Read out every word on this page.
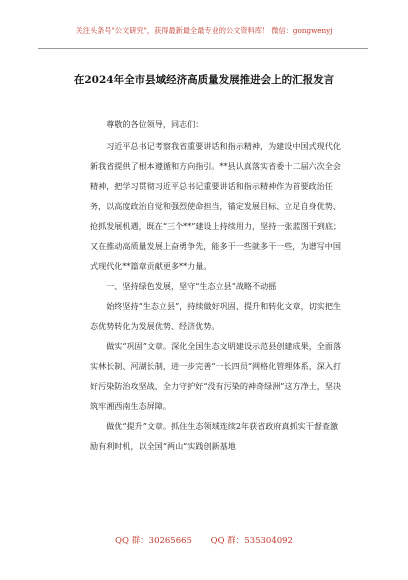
关注头条号"公文研究"，获得最新最全最专业的公文资料库！ 微信：gongwenyj
在2024年全市县域经济高质量发展推进会上的汇报发言

尊敬的各位领导，同志们：

习近平总书记考察我省重要讲话和指示精神，为建设中国式现代化新我省提供了根本遵循和方向指引。**县认真落实省委十二届六次全会精神，把学习贯彻习近平总书记重要讲话和指示精神作为首要政治任务，以高度政治自觉和强烈使命担当，锚定发展目标、立足自身优势、抢抓发展机遇，既在“三个**”建设上持续用力，坚持一张蓝图干到底；又在推动高质量发展上奋勇争先，能多干一些就多干一些，为谱写中国式现代化**篇章贡献更多**力量。

一、坚持绿色发展，坚守“生态立县”战略不动摇

始终坚持“生态立县”，持续做好巩固、提升和转化文章，切实把生态优势转化为发展优势、经济优势。

做实“巩固”文章。深化全国生态文明建设示范县创建成果，全面落实林长制、河湖长制，进一步完善“一长四员”网格化管理体系，深入打好污染防治攻坚战，全力守护好“没有污染的神奇绿洲”这方净土，坚决筑牢湘西南生态屏障。

做优“提升”文章。抓住生态领域连续2年获省政府真抓实干督查激励有利时机，以全国“两山”实践创新基地

QQ 群：30265665 QQ 群：535304092
